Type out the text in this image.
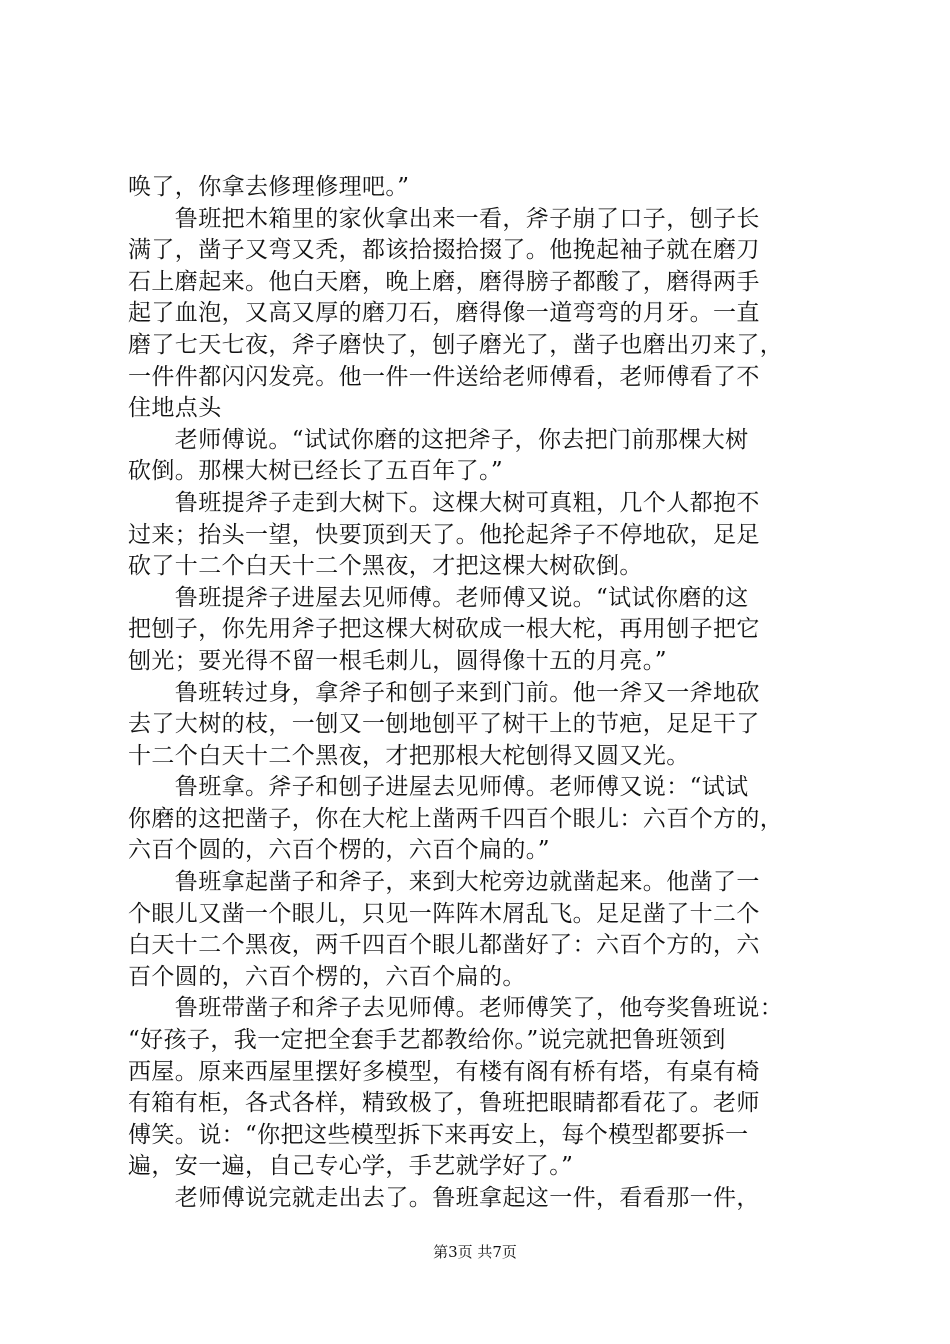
唤了，你拿去修理修理吧。”
　　鲁班把木箱里的家伙拿出来一看，斧子崩了口子，刨子长
满了，凿子又弯又秃，都该拾掇拾掇了。他挽起袖子就在磨刀
石上磨起来。他白天磨，晚上磨，磨得膀子都酸了，磨得两手
起了血泡，又高又厚的磨刀石，磨得像一道弯弯的月牙。一直
磨了七天七夜，斧子磨快了，刨子磨光了，凿子也磨出刃来了，
一件件都闪闪发亮。他一件一件送给老师傅看，老师傅看了不
住地点头
　　老师傅说。“试试你磨的这把斧子，你去把门前那棵大树
砍倒。那棵大树已经长了五百年了。”
　　鲁班提斧子走到大树下。这棵大树可真粗，几个人都抱不
过来；抬头一望，快要顶到天了。他抡起斧子不停地砍，足足
砍了十二个白天十二个黑夜，才把这棵大树砍倒。
　　鲁班提斧子进屋去见师傅。老师傅又说。“试试你磨的这
把刨子，你先用斧子把这棵大树砍成一根大柁，再用刨子把它
刨光；要光得不留一根毛刺儿，圆得像十五的月亮。”
　　鲁班转过身，拿斧子和刨子来到门前。他一斧又一斧地砍
去了大树的枝，一刨又一刨地刨平了树干上的节疤，足足干了
十二个白天十二个黑夜，才把那根大柁刨得又圆又光。
　　鲁班拿。斧子和刨子进屋去见师傅。老师傅又说：“试试
你磨的这把凿子，你在大柁上凿两千四百个眼儿：六百个方的，
六百个圆的，六百个楞的，六百个扁的。”
　　鲁班拿起凿子和斧子，来到大柁旁边就凿起来。他凿了一
个眼儿又凿一个眼儿，只见一阵阵木屑乱飞。足足凿了十二个
白天十二个黑夜，两千四百个眼儿都凿好了：六百个方的，六
百个圆的，六百个楞的，六百个扁的。
　　鲁班带凿子和斧子去见师傅。老师傅笑了，他夸奖鲁班说：
“好孩子，我一定把全套手艺都教给你。”说完就把鲁班领到
西屋。原来西屋里摆好多模型，有楼有阁有桥有塔，有桌有椅
有箱有柜，各式各样，精致极了，鲁班把眼睛都看花了。老师
傅笑。说：“你把这些模型拆下来再安上，每个模型都要拆一
遍，安一遍，自己专心学，手艺就学好了。”
　　老师傅说完就走出去了。鲁班拿起这一件，看看那一件，
第3页 共7页
